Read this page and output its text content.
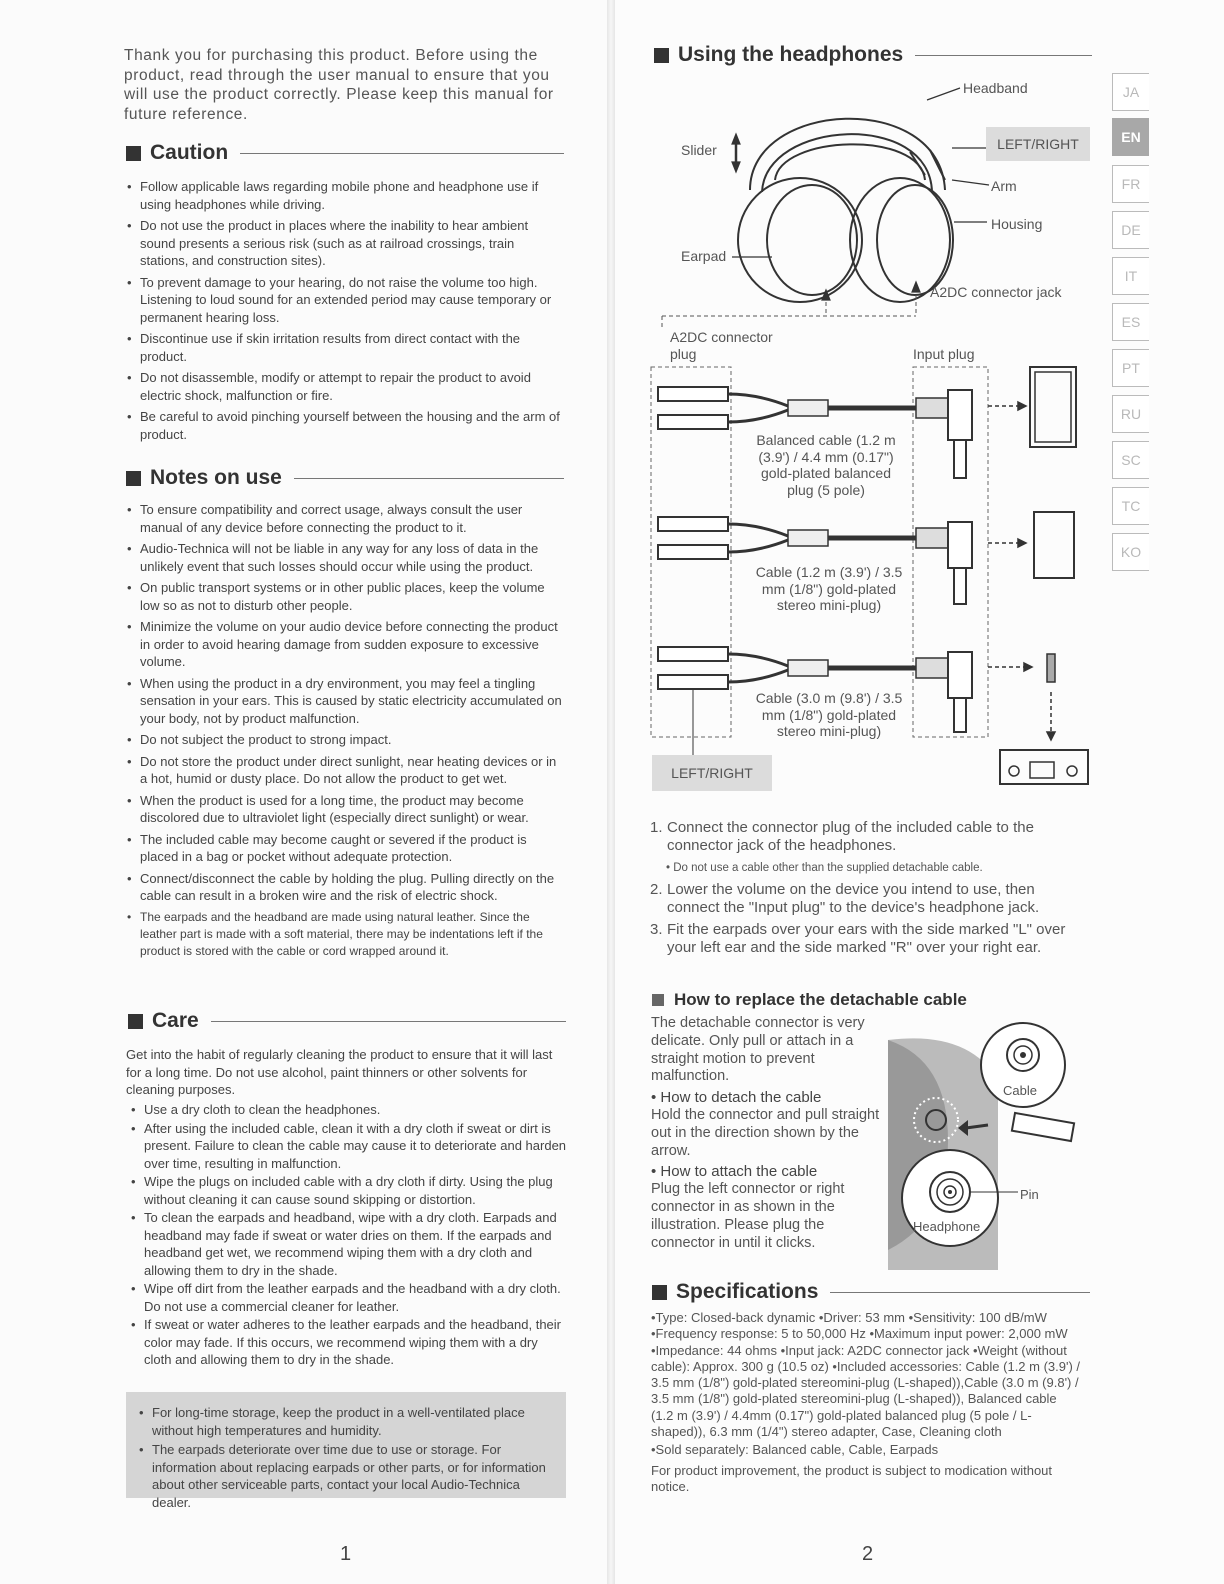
Thank you for purchasing this product. Before using the product, read through the user manual to ensure that you will use the product correctly. Please keep this manual for future reference.
Caution
• Follow applicable laws regarding mobile phone and headphone use if using headphones while driving.
• Do not use the product in places where the inability to hear ambient sound presents a serious risk (such as at railroad crossings, train stations, and construction sites).
• To prevent damage to your hearing, do not raise the volume too high. Listening to loud sound for an extended period may cause temporary or permanent hearing loss.
• Discontinue use if skin irritation results from direct contact with the product.
• Do not disassemble, modify or attempt to repair the product to avoid electric shock, malfunction or fire.
• Be careful to avoid pinching yourself between the housing and the arm of product.
Notes on use
• To ensure compatibility and correct usage, always consult the user manual of any device before connecting the product to it.
• Audio-Technica will not be liable in any way for any loss of data in the unlikely event that such losses should occur while using the product.
• On public transport systems or in other public places, keep the volume low so as not to disturb other people.
• Minimize the volume on your audio device before connecting the product in order to avoid hearing damage from sudden exposure to excessive volume.
• When using the product in a dry environment, you may feel a tingling sensation in your ears. This is caused by static electricity accumulated on your body, not by product malfunction.
• Do not subject the product to strong impact.
• Do not store the product under direct sunlight, near heating devices or in a hot, humid or dusty place. Do not allow the product to get wet.
• When the product is used for a long time, the product may become discolored due to ultraviolet light (especially direct sunlight) or wear.
• The included cable may become caught or severed if the product is placed in a bag or pocket without adequate protection.
• Connect/disconnect the cable by holding the plug. Pulling directly on the cable can result in a broken wire and the risk of electric shock.
• The earpads and the headband are made using natural leather. Since the leather part is made with a soft material, there may be indentations left if the product is stored with the cable or cord wrapped around it.
Care
Get into the habit of regularly cleaning the product to ensure that it will last for a long time. Do not use alcohol, paint thinners or other solvents for cleaning purposes.
• Use a dry cloth to clean the headphones.
• After using the included cable, clean it with a dry cloth if sweat or dirt is present. Failure to clean the cable may cause it to deteriorate and harden over time, resulting in malfunction.
• Wipe the plugs on included cable with a dry cloth if dirty. Using the plug without cleaning it can cause sound skipping or distortion.
• To clean the earpads and headband, wipe with a dry cloth. Earpads and headband may fade if sweat or water dries on them. If the earpads and headband get wet, we recommend wiping them with a dry cloth and allowing them to dry in the shade.
• Wipe off dirt from the leather earpads and the headband with a dry cloth. Do not use a commercial cleaner for leather.
• If sweat or water adheres to the leather earpads and the headband, their color may fade. If this occurs, we recommend wiping them with a dry cloth and allowing them to dry in the shade.
• For long-time storage, keep the product in a well-ventilated place without high temperatures and humidity.
• The earpads deteriorate over time due to use or storage. For information about replacing earpads or other parts, or for information about other serviceable parts, contact your local Audio-Technica dealer.
1
Using the headphones
JA
EN
FR
DE
IT
ES
PT
RU
SC
TC
KO
Headband
LEFT/RIGHT
Slider
Arm
Housing
Earpad
A2DC connector jack
A2DC connector
plug	Input plug
Balanced cable (1.2 m
(3.9') / 4.4 mm (0.17")
gold-plated balanced
plug (5 pole)
Cable (1.2 m (3.9') / 3.5
mm (1/8") gold-plated
stereo mini-plug)
Cable (3.0 m (9.8') / 3.5
mm (1/8") gold-plated
stereo mini-plug)
LEFT/RIGHT
1. Connect the connector plug of the included cable to the connector jack of the headphones.
• Do not use a cable other than the supplied detachable cable.
2. Lower the volume on the device you intend to use, then connect the "Input plug" to the device's headphone jack.
3. Fit the earpads over your ears with the side marked "L" over your left ear and the side marked "R" over your right ear.
How to replace the detachable cable
The detachable connector is very delicate. Only pull or attach in a straight motion to prevent malfunction.
• How to detach the cable
Hold the connector and pull straight out in the direction shown by the arrow.
• How to attach the cable
Plug the left connector or right connector in as shown in the illustration. Please plug the connector in until it clicks.
Cable
Pin
Headphone
Specifications

•Type: Closed-back dynamic •Driver: 53 mm •Sensitivity: 100 dB/mW •Frequency response: 5 to 50,000 Hz •Maximum input power: 2,000 mW •Impedance: 44 ohms •Input jack: A2DC connector jack •Weight (without cable): Approx. 300 g (10.5 oz) •Included accessories: Cable (1.2 m (3.9') / 3.5 mm (1/8") gold-plated stereomini-plug (L-shaped)),Cable (3.0 m (9.8') / 3.5 mm (1/8") gold-plated stereomini-plug (L-shaped)), Balanced cable (1.2 m (3.9') / 4.4mm (0.17") gold-plated balanced plug (5 pole / L-shaped)), 6.3 mm (1/4") stereo adapter, Case, Cleaning cloth

•Sold separately: Balanced cable, Cable, Earpads

For product improvement, the product is subject to modication without notice.

2
